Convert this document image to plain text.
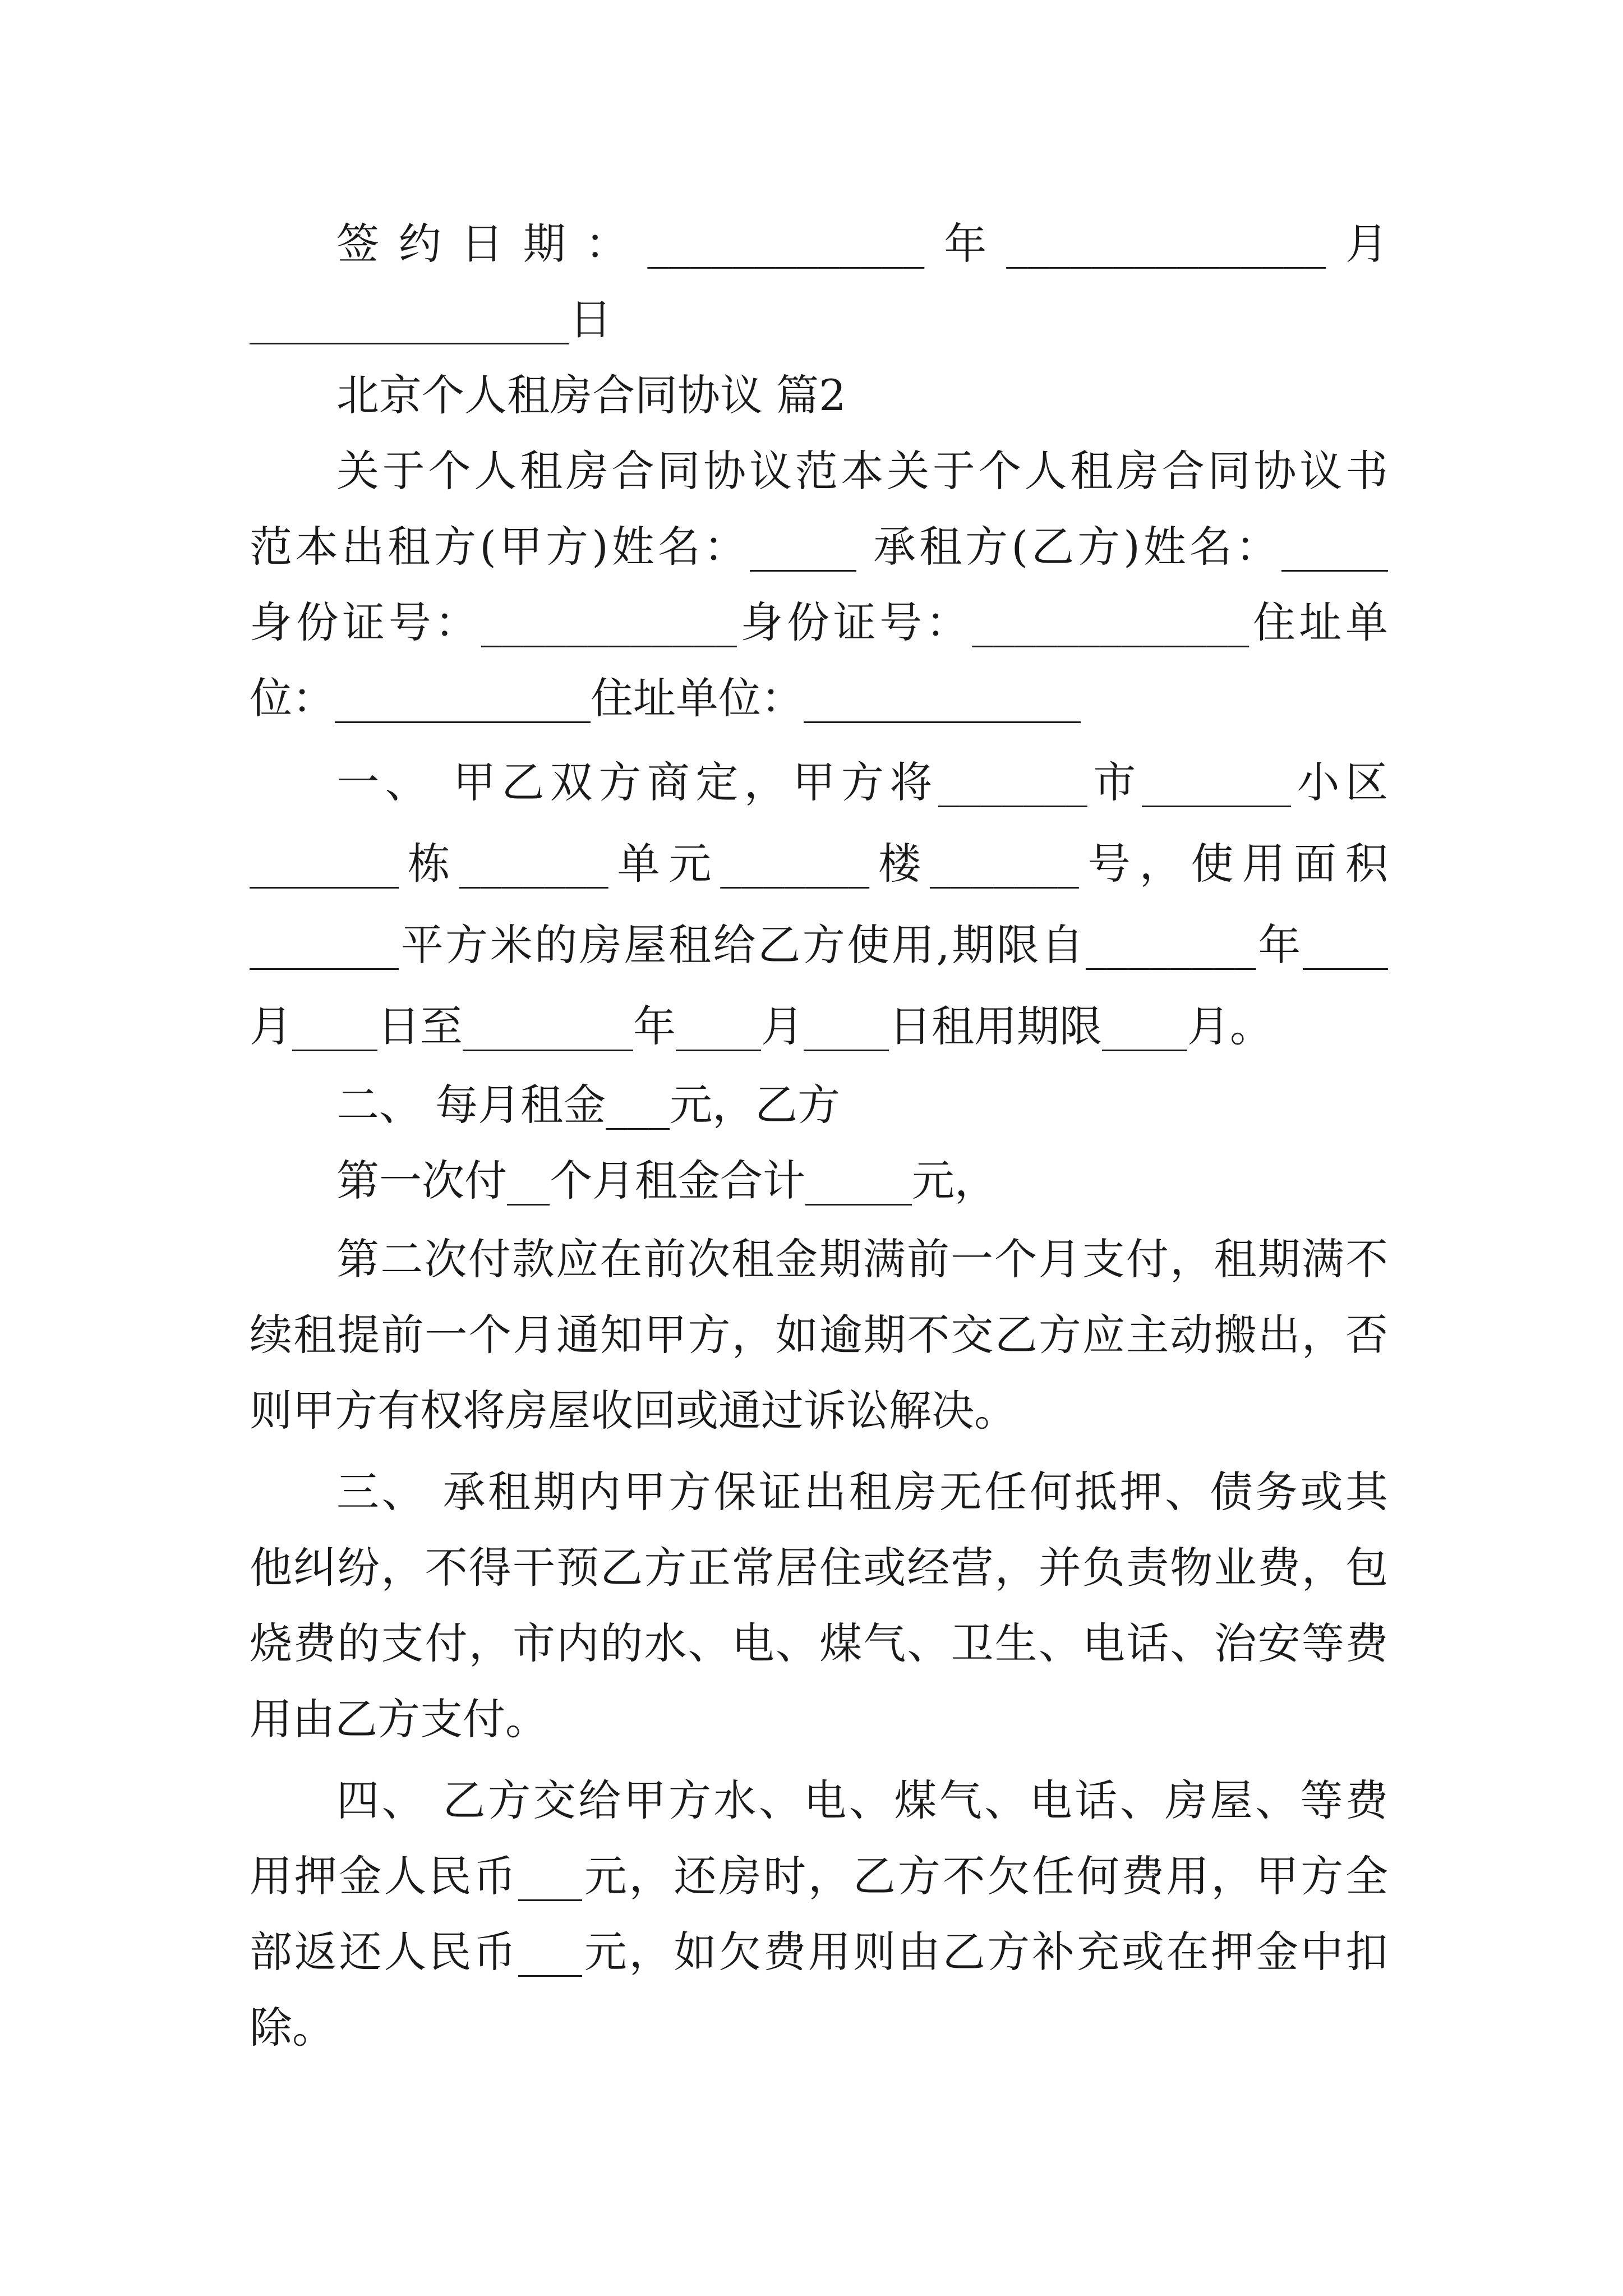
签约日期：_____________年_______________月
_______________日
北京个人租房合同协议 篇2
关于个人租房合同协议范本关于个人租房合同协议书
范本出租方(甲方)姓名：_____ 承租方(乙方)姓名：_____
身份证号：____________身份证号：_____________住址单
位：____________住址单位：_____________
一、 甲乙双方商定，甲方将_______市_______小区
_______栋_______单元_______楼_______号，使用面积
_______平方米的房屋租给乙方使用,期限自________年____
月____日至________年____月____日租用期限____月。
二、 每月租金___元，乙方
第一次付__个月租金合计_____元，
第二次付款应在前次租金期满前一个月支付，租期满不
续租提前一个月通知甲方，如逾期不交乙方应主动搬出，否
则甲方有权将房屋收回或通过诉讼解决。
三、 承租期内甲方保证出租房无任何抵押、债务或其
他纠纷，不得干预乙方正常居住或经营，并负责物业费，包
烧费的支付，市内的水、电、煤气、卫生、电话、治安等费
用由乙方支付。
四、 乙方交给甲方水、电、煤气、电话、房屋、等费
用押金人民币___元，还房时，乙方不欠任何费用，甲方全
部返还人民币___元，如欠费用则由乙方补充或在押金中扣
除。
